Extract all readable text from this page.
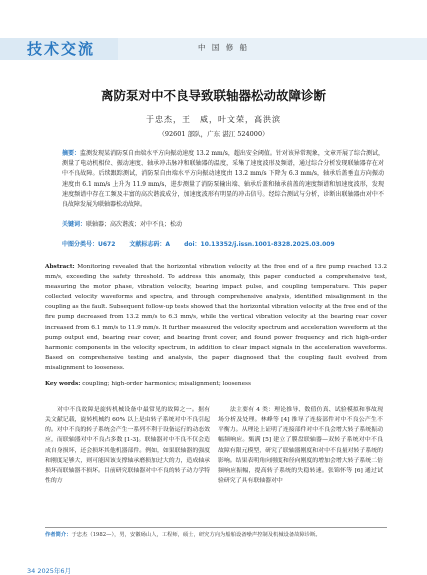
技术交流	中 国 修 船
离防泵对中不良导致联轴器松动故障诊断
于忠杰，王　威，叶文荣，高洪滨
（92601 部队，广东 湛江 524000）
摘要：监测发现某消防泵自由端水平方向振动速度 13.2 mm/s，超出安全阈值。针对该异常现象，文章开展了综合测试，测量了电动机相位、振动速度、轴承冲击脉冲和联轴器的温度，采集了速度波形及频谱，通过综合分析发现联轴器存在对中不良故障。后续跟踪测试，消防泵自由端水平方向振动速度由 13.2 mm/s 下降为 6.3 mm/s，轴承后盖垂直方向振动速度由 6.1 mm/s 上升为 11.9 mm/s，进步测量了消防泵输出端、轴承后盖和轴承前盖的速度频谱和加速度波形，发现速度频谱中存在工频及丰富的高次谐波成分，加速度波形有明显的冲击信号。经综合测试与分析，诊断出联轴器由对中不良故障发展为联轴器松动故障。
关键词：联轴器；高次谐波；对中不良；松动
中图分类号：U672 文献标志码：A doi：10.13352/j.issn.1001-8328.2025.03.009
Abstract: Monitoring revealed that the horizontal vibration velocity at the free end of a fire pump reached 13.2 mm/s, exceeding the safety threshold. To address this anomaly, this paper conducted a comprehensive test, measuring the motor phase, vibration velocity, bearing impact pulse, and coupling temperature. This paper collected velocity waveforms and spectra, and through comprehensive analysis, identified misalignment in the coupling as the fault. Subsequent follow-up tests showed that the horizontal vibration velocity at the free end of the fire pump decreased from 13.2 mm/s to 6.3 mm/s, while the vertical vibration velocity at the bearing rear cover increased from 6.1 mm/s to 11.9 mm/s. It further measured the velocity spectrum and acceleration waveform at the pump output end, bearing rear cover, and bearing front cover, and found power frequency and rich high-order harmonic components in the velocity spectrum, in addition to clear impact signals in the acceleration waveforms. Based on comprehensive testing and analysis, the paper diagnosed that the coupling fault evolved from misalignment to looseness.
Key words: coupling; high-order harmonics; misalignment; looseness
对中不良故障是旋转机械设备中最常见的故障之一。据有关文献记载，旋转机械约 60% 以上是由转子系统对中不良引起的。对中不良的转子系统会产生一系列不利于设备运行的动态效应，而联轴器对中不良占多数 [1-3]。联轴器对中不良不仅会造成自身损坏，还会损坏其他机器部件。例如，如果联轴器的强度和刚度足够大，则可能因该支撑轴承磨损加过大的力，造成轴承损坏而联轴器不损坏。目前研究联轴器对中不良的转子动力学特性的方
法主要有 4 类：理论推导、数值仿真、试验模拟和事故现场分析及处理。林峰等 [4] 推导了连接部件对中不良公产生不平衡力。从理论上证明了连接部件对中不良会增大转子系统振动幅频响应。甄满 [5] 建立了膜盘联轴器—双转子系统对中不良故障有限元模型，研究了联轴器刚度和对中不良量对转子系统的影响。结果表明角向刚度和径向刚度的增加会增大转子系统二倍频响应振幅，提高转子系统的失稳转速。张锦怀等 [6] 通过试验研究了具有联轴器对中
作者简介：于忠杰（1982—），男，安徽砀山人，工程师，硕士，研究方向为船舶设备噪声控制及机械设备故障诊断。
34 2025年6月
